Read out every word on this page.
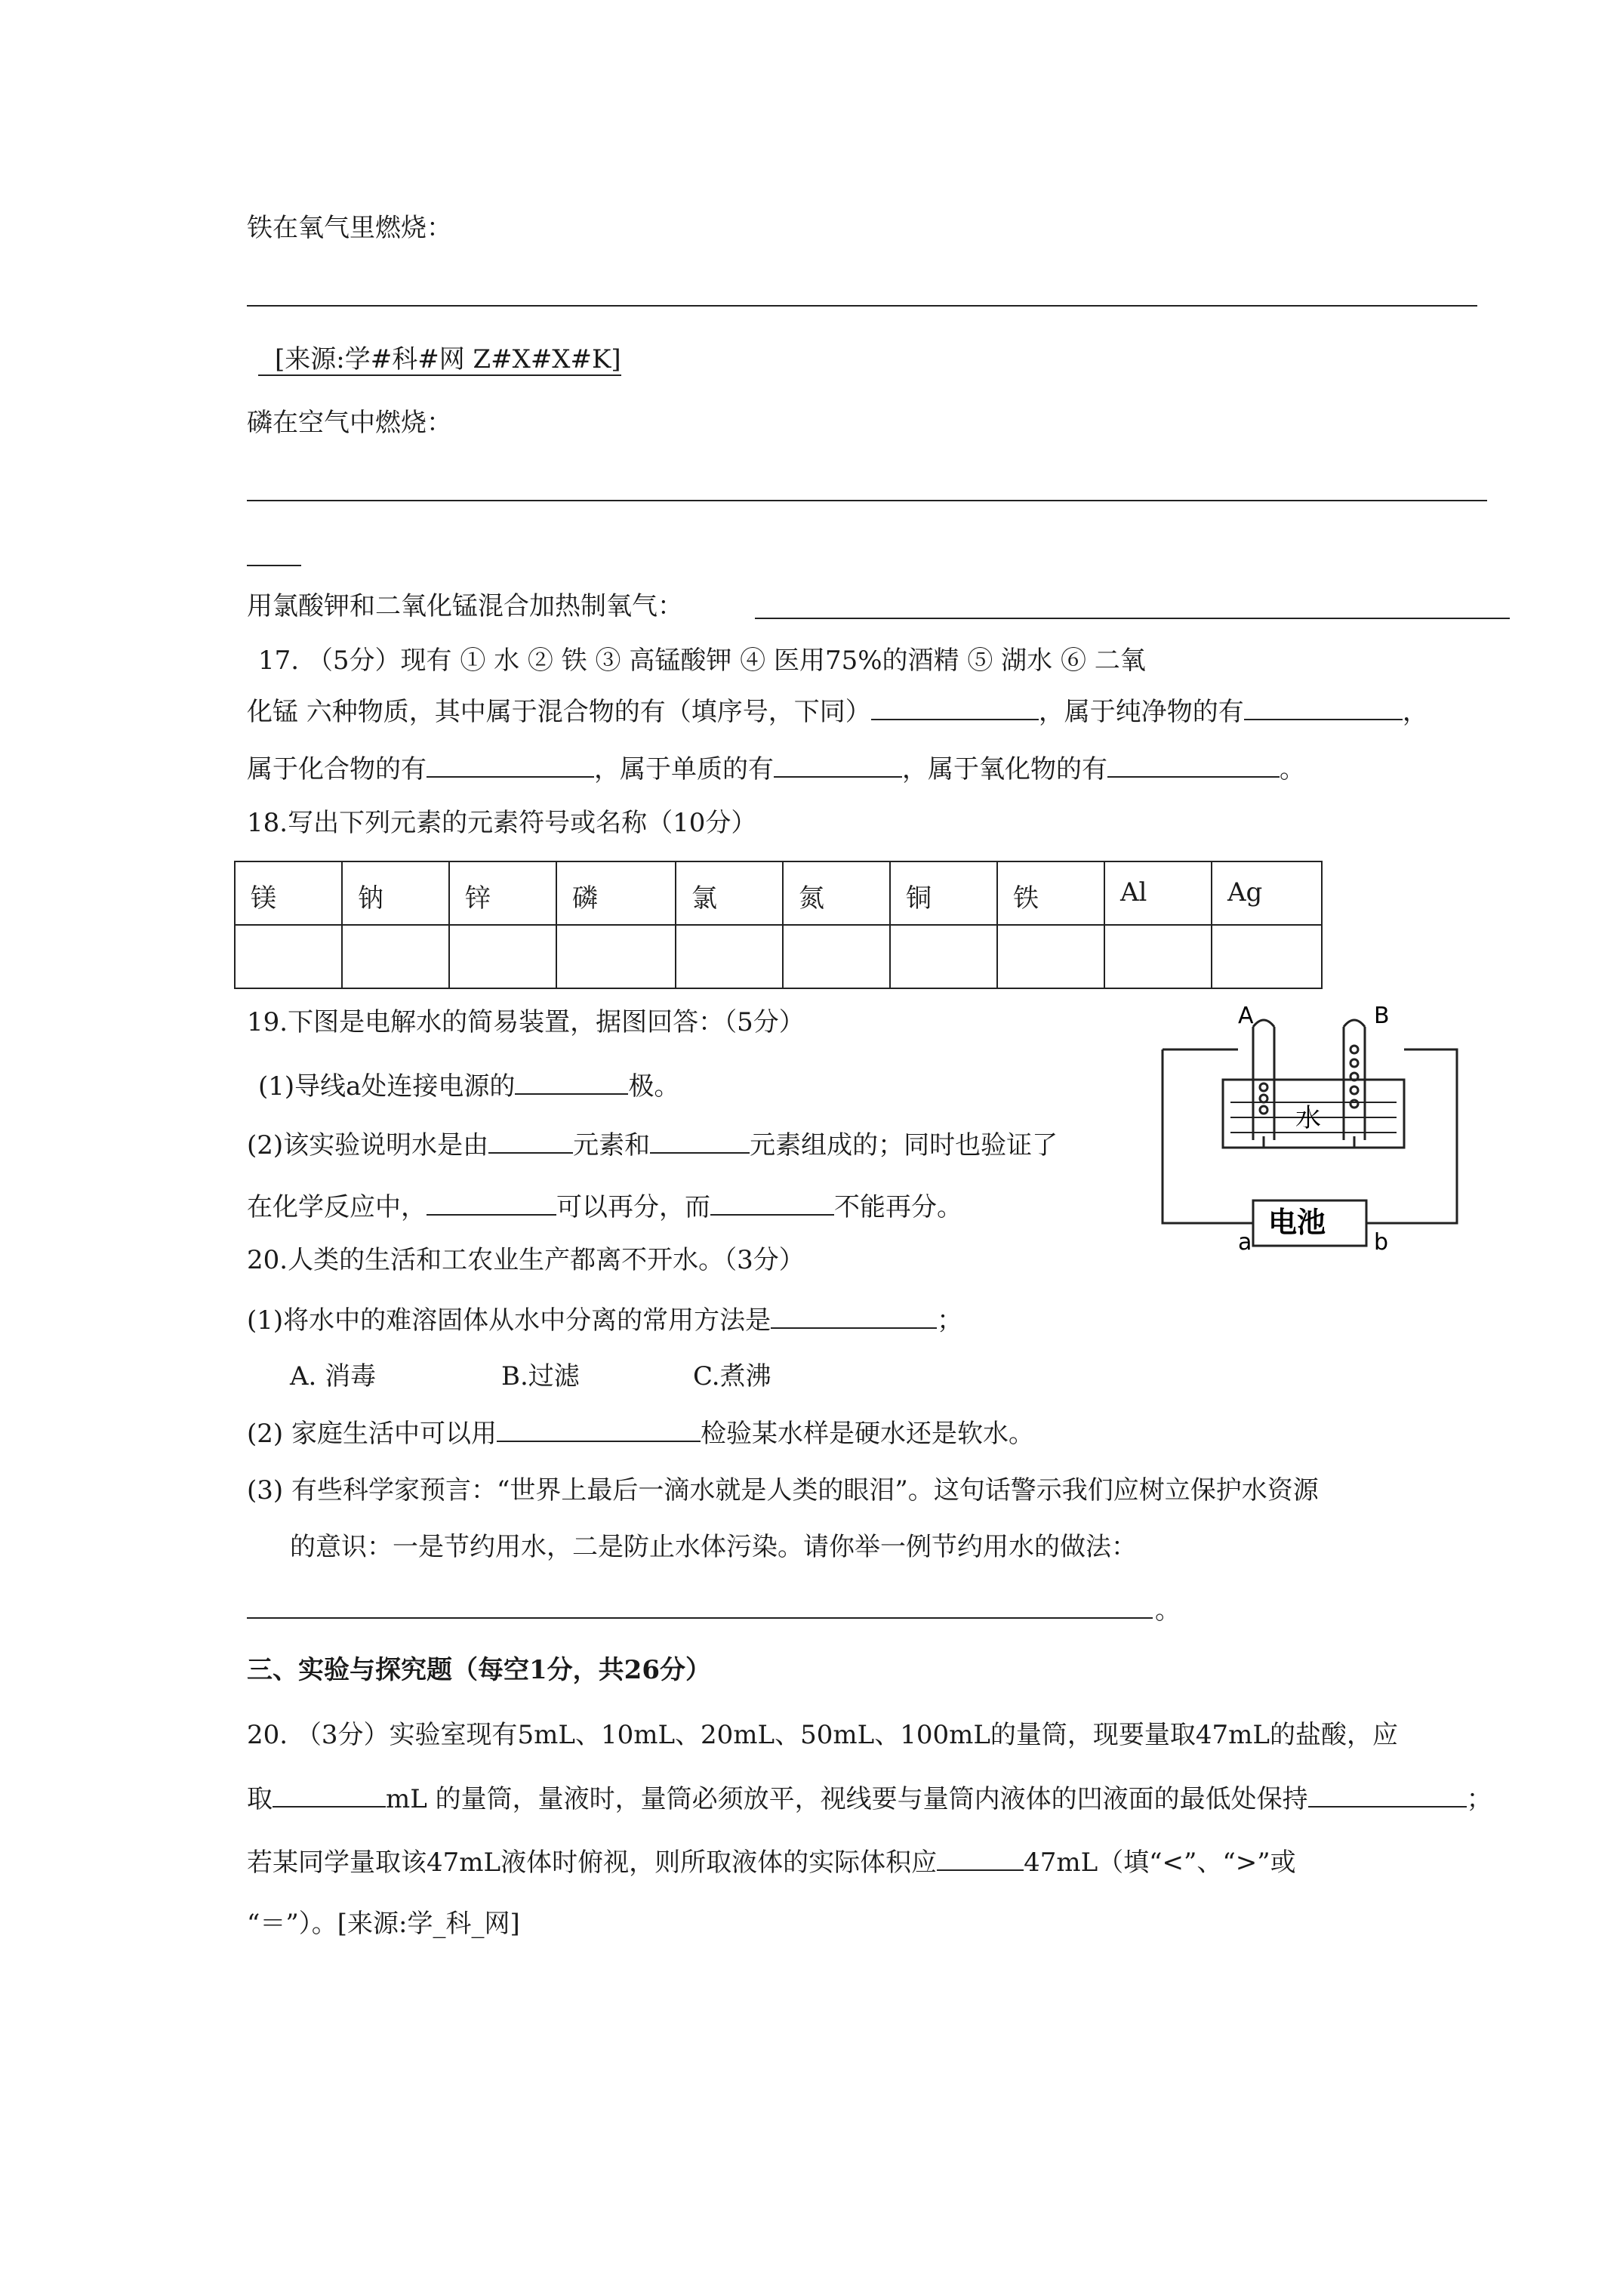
铁在氧气里燃烧：
[来源:学#科#网 Z#X#X#K]
磷在空气中燃烧：
用氯酸钾和二氧化锰混合加热制氧气：
17. （5分）现有 ① 水 ② 铁 ③ 高锰酸钾 ④ 医用75%的酒精 ⑤ 湖水 ⑥ 二氧
化锰 六种物质，其中属于混合物的有（填序号，下同）	，属于纯净物的有	，
属于化合物的有	，属于单质的有	，属于氧化物的有	。
18.写出下列元素的元素符号或名称（10分）
镁	钠	锌	磷	氯	氮	铜	铁	Al	Ag

19.下图是电解水的简易装置，据图回答：（5分）
(1)导线a处连接电源的	极。
(2)该实验说明水是由	元素和	元素组成的；同时也验证了
在化学反应中，	可以再分，而	不能再分。
A	B
水
电池
a	b
20.人类的生活和工农业生产都离不开水。（3分）
(1)将水中的难溶固体从水中分离的常用方法是	；
A. 消毒	B.过滤	C.煮沸
(2) 家庭生活中可以用	检验某水样是硬水还是软水。
(3) 有些科学家预言：“世界上最后一滴水就是人类的眼泪”。这句话警示我们应树立保护水资源
的意识：一是节约用水，二是防止水体污染。请你举一例节约用水的做法：
。
三、实验与探究题（每空1分，共26分）
20. （3分）实验室现有5mL、10mL、20mL、50mL、100mL的量筒，现要量取47mL的盐酸，应
取	mL 的量筒，量液时，量筒必须放平，视线要与量筒内液体的凹液面的最低处保持	；
若某同学量取该47mL液体时俯视，则所取液体的实际体积应	47mL（填“<”、“>”或
“＝”）。[来源:学_科_网]
